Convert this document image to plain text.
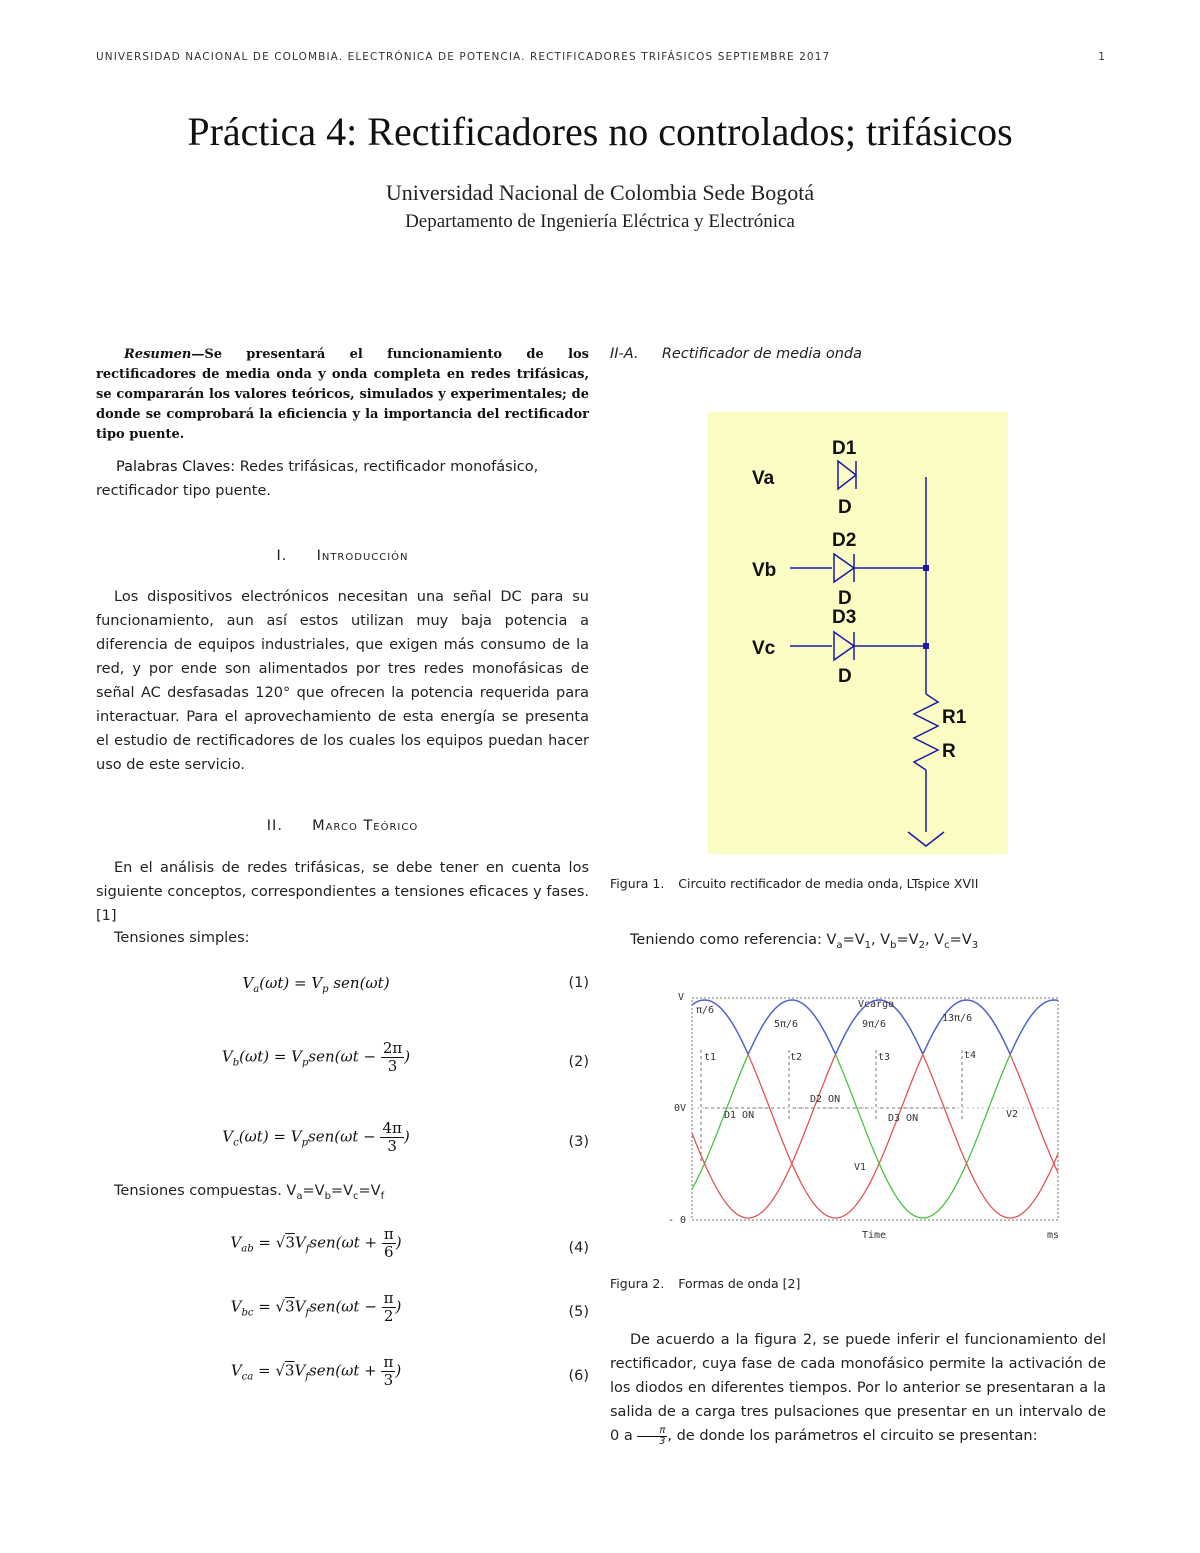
UNIVERSIDAD NACIONAL DE COLOMBIA. ELECTRÓNICA DE POTENCIA. RECTIFICADORES TRIFÁSICOS SEPTIEMBRE 2017	1
Práctica 4: Rectificadores no controlados; trifásicos
Universidad Nacional de Colombia Sede Bogotá
Departamento de Ingeniería Eléctrica y Electrónica
Resumen—Se presentará el funcionamiento de los rectificadores de media onda y onda completa en redes trifásicas, se compararán los valores teóricos, simulados y experimentales; de donde se comprobará la eficiencia y la importancia del rectificador tipo puente.
Palabras Claves: Redes trifásicas, rectificador monofásico, rectificador tipo puente.
I. Introducción
Los dispositivos electrónicos necesitan una señal DC para su funcionamiento, aun así estos utilizan muy baja potencia a diferencia de equipos industriales, que exigen más consumo de la red, y por ende son alimentados por tres redes monofásicas de señal AC desfasadas 120° que ofrecen la potencia requerida para interactuar. Para el aprovechamiento de esta energía se presenta el estudio de rectificadores de los cuales los equipos puedan hacer uso de este servicio.
II. Marco Teórico
En el análisis de redes trifásicas, se debe tener en cuenta los siguiente conceptos, correspondientes a tensiones eficaces y fases.[1]
Tensiones simples:
$V_a(\omega t) = V_p$ sen(ωt)	(1)
$V_b(\omega t) = V_psen(\omega t - \frac{2\pi}{3}$ )	(2)
$V_c(\omega t) = V_psen(\omega t - \frac{4\pi}{3}$ )	(3)
Tensiones compuestas. $V_a=V_b=V_c=V_f$
$V_{ab} = √3V_fsen(\omega t + \frac{\pi}{6}$ )	(4)
$V_{bc} = √3V_fsen(\omega t - \frac{\pi}{2}$ )	(5)
$V_{ca} = √3V_fsen(\omega t + \frac{\pi}{3}$ )	(6)
II-A. Rectificador de media onda
Va
Vb
Vc
D1
D
D2
D
D3
D
R1
R
Figura 1. Circuito rectificador de media onda, LTspice XVII
Teniendo como referencia: $V_a=V_1$, $V_b=V_2$, $V_c=V_3$
V
0V
- 0
Time	ms
Vcarga
π/6
5π/6	9π/6
13π/6
t1	t2	t3	t4
D1 ON
D2 ON
D3 ON
V1
V2
Figura 2. Formas de onda [2]
De acuerdo a la figura 2, se puede inferir el funcionamiento del rectificador, cuya fase de cada monofásico permite la activación de los diodos en diferentes tiempos. Por lo anterior se presentaran a la salida de a carga tres pulsaciones que presentar en un intervalo de 0 a $\frac{\pi}{3}$ , de donde los parámetros el circuito se presentan:
